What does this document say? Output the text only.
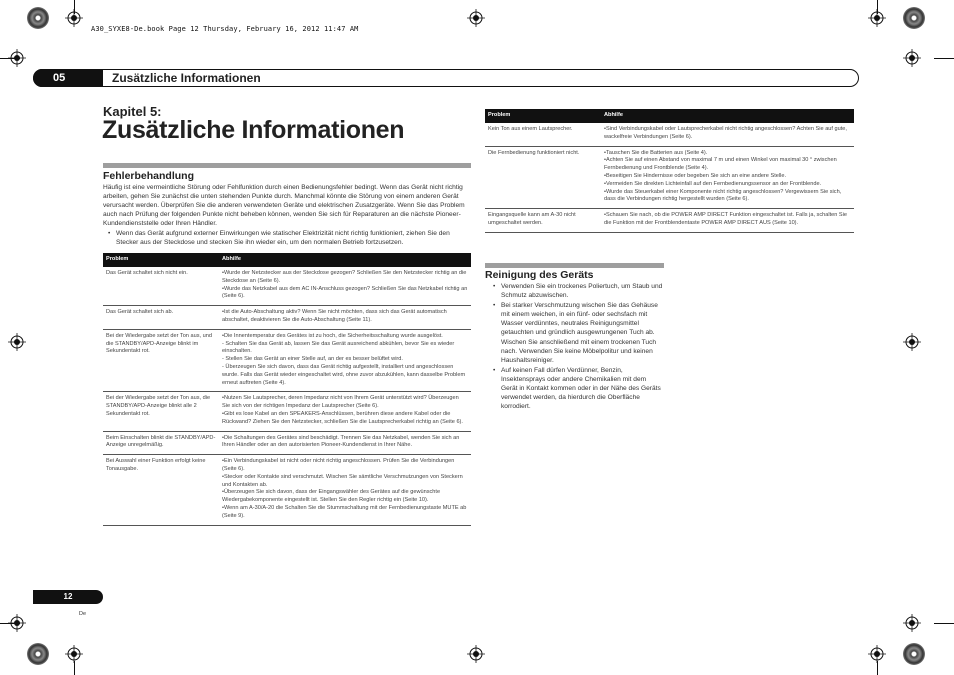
A30_SYXE8-De.book Page 12 Thursday, February 16, 2012 11:47 AM
05	Zusätzliche Informationen
Kapitel 5:
Zusätzliche Informationen
Fehlerbehandlung
Häufig ist eine vermeintliche Störung oder Fehlfunktion durch einen Bedienungsfehler bedingt. Wenn das Gerät nicht richtig arbeiten, gehen Sie zunächst die unten stehenden Punkte durch. Manchmal könnte die Störung von einem anderen Gerät verursacht werden. Überprüfen Sie die anderen verwendeten Geräte und elektrischen Zusatzgeräte. Wenn Sie das Problem auch nach Prüfung der folgenden Punkte nicht beheben können, wenden Sie sich für Reparaturen an die nächste Pioneer-Kundendienststelle oder Ihren Händler.
• Wenn das Gerät aufgrund externer Einwirkungen wie statischer Elektrizität nicht richtig funktioniert, ziehen Sie den Stecker aus der Steckdose und stecken Sie ihn wieder ein, um den normalen Betrieb fortzusetzen.
Problem	Abhilfe

Das Gerät schaltet sich nicht ein.	•Wurde der Netzstecker aus der Steckdose gezogen? Schließen Sie den Netzstecker richtig an die Steckdose an (Seite 6).
•Wurde das Netzkabel aus dem AC IN-Anschluss gezogen? Schließen Sie das Netzkabel richtig an (Seite 6).

Das Gerät schaltet sich ab.	•Ist die Auto-Abschaltung aktiv? Wenn Sie nicht möchten, dass sich das Gerät automatisch abschaltet, deaktivieren Sie die Auto-Abschaltung (Seite 11).

Bei der Wiedergabe setzt der Ton aus, und die STANDBY/APD-Anzeige blinkt im Sekundentakt rot.	•Die Innentemperatur des Gerätes ist zu hoch, die Sicherheitsschaltung wurde ausgelöst.
- Schalten Sie das Gerät ab, lassen Sie das Gerät ausreichend abkühlen, bevor Sie es wieder einschalten.
- Stellen Sie das Gerät an einer Stelle auf, an der es besser belüftet wird.
- Überzeugen Sie sich davon, dass das Gerät richtig aufgestellt, installiert und angeschlossen wurde. Falls das Gerät wieder eingeschaltet wird, ohne zuvor abzukühlen, kann dasselbe Problem erneut auftreten (Seite 4).

Bei der Wiedergabe setzt der Ton aus, die STANDBY/APD-Anzeige blinkt alle 2 Sekundentakt rot.	•Nutzen Sie Lautsprecher, deren Impedanz nicht von Ihrem Gerät unterstützt wird? Überzeugen Sie sich von der richtigen Impedanz der Lautsprecher (Seite 6).
•Gibt es lose Kabel an den SPEAKERS-Anschlüssen, berühren diese andere Kabel oder die Rückwand? Ziehen Sie den Netzstecker, schließen Sie die Lautsprecherkabel richtig an (Seite 6).

Beim Einschalten blinkt die STANDBY/APD-Anzeige unregelmäßig.	•Die Schaltungen des Gerätes sind beschädigt. Trennen Sie das Netzkabel, wenden Sie sich an Ihren Händler oder an den autorisierten Pioneer-Kundendienst in Ihrer Nähe.

Bei Auswahl einer Funktion erfolgt keine Tonausgabe.	•Ein Verbindungskabel ist nicht oder nicht richtig angeschlossen. Prüfen Sie die Verbindungen (Seite 6).
•Stecker oder Kontakte sind verschmutzt. Wischen Sie sämtliche Verschmutzungen von Steckern und Kontakten ab.
•Überzeugen Sie sich davon, dass der Eingangswähler des Gerätes auf die gewünschte Wiedergabekomponente eingestellt ist. Stellen Sie den Regler richtig ein (Seite 10).
•Wenn am A-30/A-20 die Schalten Sie die Stummschaltung mit der Fernbedienungstaste MUTE ab (Seite 9).
Problem	Abhilfe

Kein Ton aus einem Lautsprecher.	•Sind Verbindungskabel oder Lautsprecherkabel nicht richtig angeschlossen? Achten Sie auf gute, wackelfreie Verbindungen (Seite 6).

Die Fernbedienung funktioniert nicht.	•Tauschen Sie die Batterien aus (Seite 4).
•Achten Sie auf einen Abstand von maximal 7 m und einen Winkel von maximal 30 ° zwischen Fernbedienung und Frontblende (Seite 4).
•Beseitigen Sie Hindernisse oder begeben Sie sich an eine andere Stelle.
•Vermeiden Sie direkten Lichteinfall auf den Fernbedienungssensor an der Frontblende.
•Wurde das Steuerkabel einer Komponente nicht richtig angeschlossen? Vergewissern Sie sich, dass die Verbindungen richtig hergestellt wurden (Seite 6).

Eingangsquelle kann am A-30 nicht umgeschaltet werden.	•Schauen Sie nach, ob die POWER AMP DIRECT Funktion eingeschaltet ist. Falls ja, schalten Sie die Funktion mit der Frontblendentaste POWER AMP DIRECT AUS (Seite 10).
Reinigung des Geräts
• Verwenden Sie ein trockenes Poliertuch, um Staub und Schmutz abzuwischen.
• Bei starker Verschmutzung wischen Sie das Gehäuse mit einem weichen, in ein fünf- oder sechsfach mit Wasser verdünntes, neutrales Reinigungsmittel getauchten und gründlich ausgewrungenen Tuch ab. Wischen Sie anschließend mit einem trockenen Tuch nach. Verwenden Sie keine Möbelpolitur und keinen Haushaltsreiniger.
• Auf keinen Fall dürfen Verdünner, Benzin, Insektensprays oder andere Chemikalien mit dem Gerät in Kontakt kommen oder in der Nähe des Geräts verwendet werden, da hierdurch die Oberfläche korrodiert.
12
De
